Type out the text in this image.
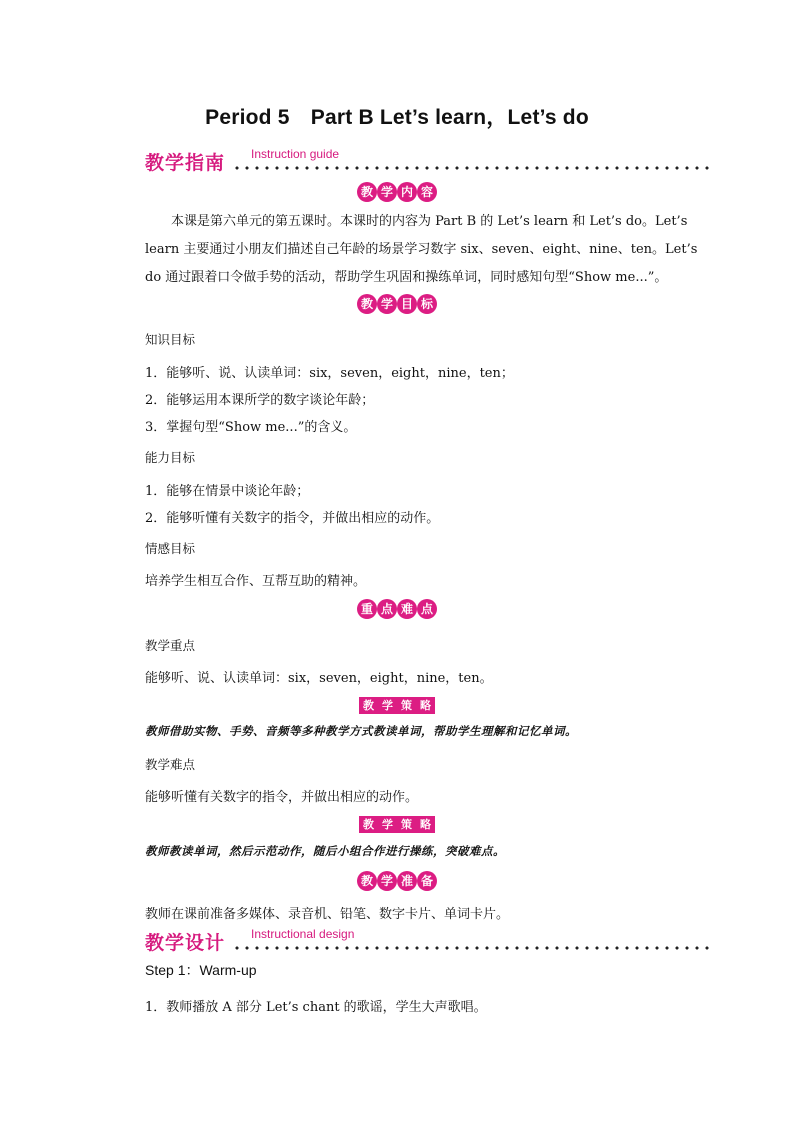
Period 5　Part B Let’s learn，Let’s do
教学指南 Instruction guide
教 学 内 容
　　本课是第六单元的第五课时。本课时的内容为 Part B 的 Let’s learn 和 Let’s do。Let’s
learn 主要通过小朋友们描述自己年龄的场景学习数字 six、seven、eight、nine、ten。Let’s
do 通过跟着口令做手势的活动，帮助学生巩固和操练单词，同时感知句型“Show me...”。
教 学 目 标
知识目标
1．能够听、说、认读单词：six，seven，eight，nine，ten；
2．能够运用本课所学的数字谈论年龄；
3．掌握句型“Show me...”的含义。
能力目标
1．能够在情景中谈论年龄；
2．能够听懂有关数字的指令，并做出相应的动作。
情感目标
培养学生相互合作、互帮互助的精神。
重 点 难 点
教学重点
能够听、说、认读单词：six，seven，eight，nine，ten。
教 学 策 略
教师借助实物、手势、音频等多种教学方式教读单词，帮助学生理解和记忆单词。
教学难点
能够听懂有关数字的指令，并做出相应的动作。
教 学 策 略
教师教读单词，然后示范动作，随后小组合作进行操练，突破难点。
教 学 准 备
教师在课前准备多媒体、录音机、铅笔、数字卡片、单词卡片。
教学设计 Instructional design
Step 1：Warm-up
1．教师播放 A 部分 Let’s chant 的歌谣，学生大声歌唱。
